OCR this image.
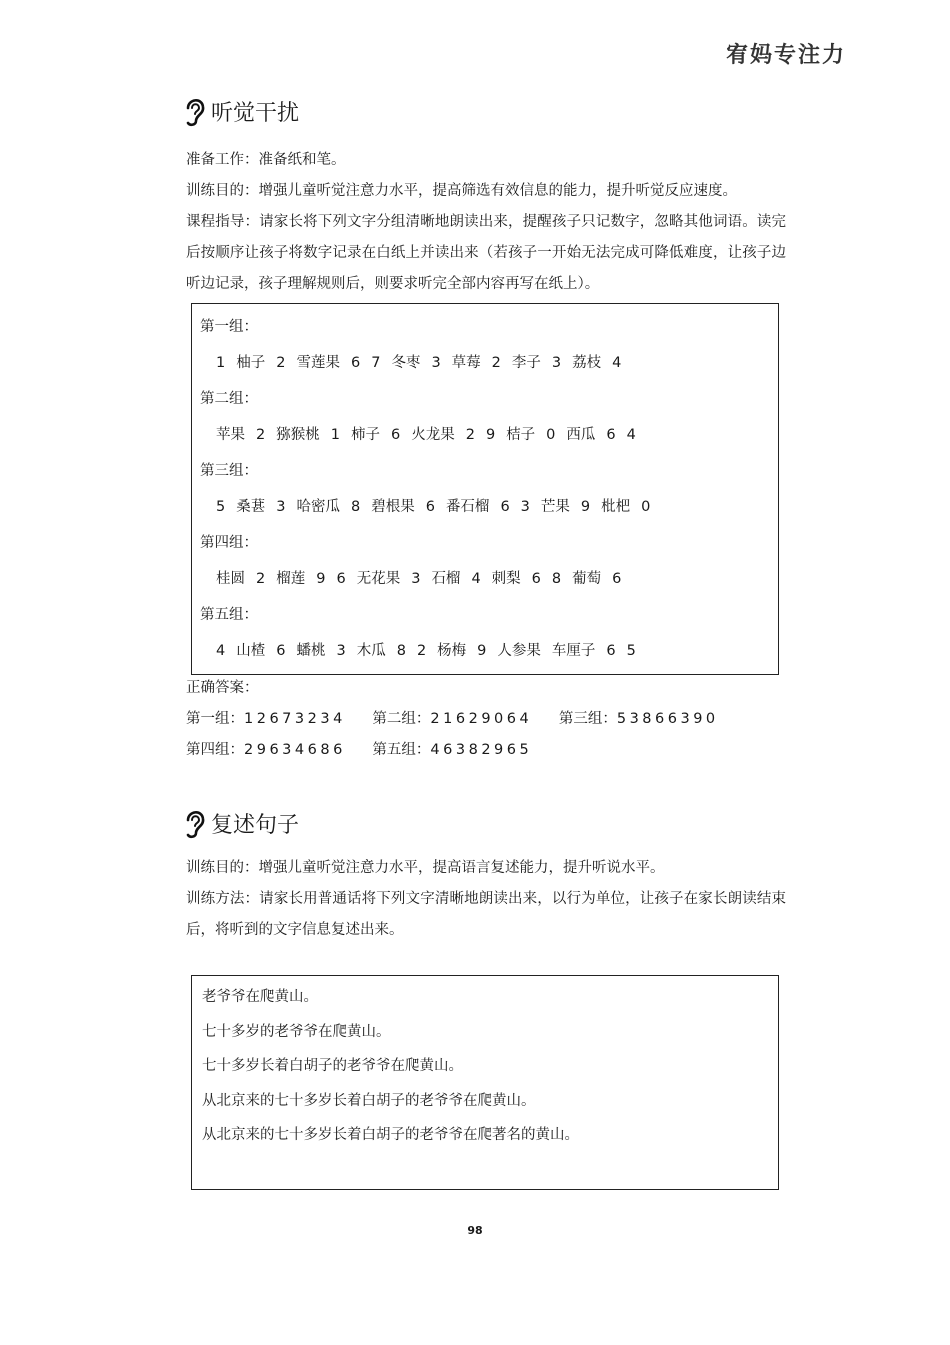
宥妈专注力
听觉干扰

准备工作：准备纸和笔。

训练目的：增强儿童听觉注意力水平，提高筛选有效信息的能力，提升听觉反应速度。

课程指导：请家长将下列文字分组清晰地朗读出来，提醒孩子只记数字，忽略其他词语。读完后按顺序让孩子将数字记录在白纸上并读出来（若孩子一开始无法完成可降低难度，让孩子边听边记录，孩子理解规则后，则要求听完全部内容再写在纸上）。

第一组：
1 柚子 2 雪莲果 6 7 冬枣 3 草莓 2 李子 3 荔枝 4
第二组：
苹果 2 猕猴桃 1 柿子 6 火龙果 2 9 桔子 0 西瓜 6 4
第三组：
5 桑葚 3 哈密瓜 8 碧根果 6 番石榴 6 3 芒果 9 枇杷 0
第四组：
桂圆 2 榴莲 9 6 无花果 3 石榴 4 刺梨 6 8 葡萄 6
第五组：
4 山楂 6 蟠桃 3 木瓜 8 2 杨梅 9 人参果 车厘子 6 5
正确答案：
第一组：12673234 第二组：21629064 第三组：53866390
第四组：29634686 第五组：46382965
复述句子

训练目的：增强儿童听觉注意力水平，提高语言复述能力，提升听说水平。

训练方法：请家长用普通话将下列文字清晰地朗读出来，以行为单位，让孩子在家长朗读结束后，将听到的文字信息复述出来。

老爷爷在爬黄山。
七十多岁的老爷爷在爬黄山。
七十多岁长着白胡子的老爷爷在爬黄山。
从北京来的七十多岁长着白胡子的老爷爷在爬黄山。
从北京来的七十多岁长着白胡子的老爷爷在爬著名的黄山。
98
